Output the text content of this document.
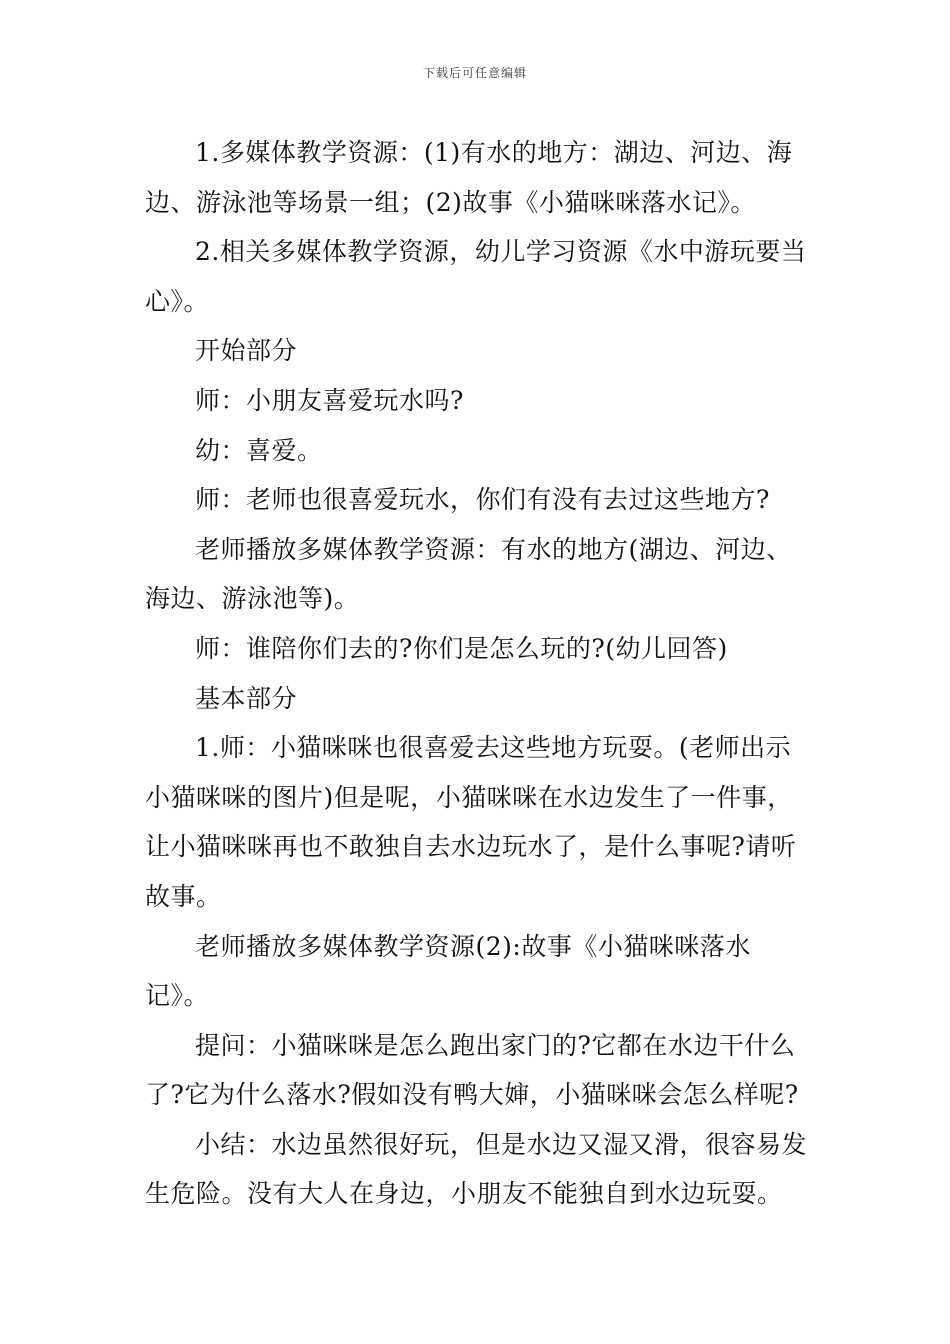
下载后可任意编辑

1.多媒体教学资源：(1)有水的地方：湖边、河边、海边、游泳池等场景一组；(2)故事《小猫咪咪落水记》。

2.相关多媒体教学资源，幼儿学习资源《水中游玩要当心》。

开始部分

师：小朋友喜爱玩水吗?

幼：喜爱。

师：老师也很喜爱玩水，你们有没有去过这些地方?

老师播放多媒体教学资源：有水的地方(湖边、河边、海边、游泳池等)。

师：谁陪你们去的?你们是怎么玩的?(幼儿回答)

基本部分

1.师：小猫咪咪也很喜爱去这些地方玩耍。(老师出示小猫咪咪的图片)但是呢，小猫咪咪在水边发生了一件事，让小猫咪咪再也不敢独自去水边玩水了，是什么事呢?请听故事。

老师播放多媒体教学资源(2):故事《小猫咪咪落水记》。

提问：小猫咪咪是怎么跑出家门的?它都在水边干什么了?它为什么落水?假如没有鸭大婶，小猫咪咪会怎么样呢?

小结：水边虽然很好玩，但是水边又湿又滑，很容易发生危险。没有大人在身边，小朋友不能独自到水边玩耍。
